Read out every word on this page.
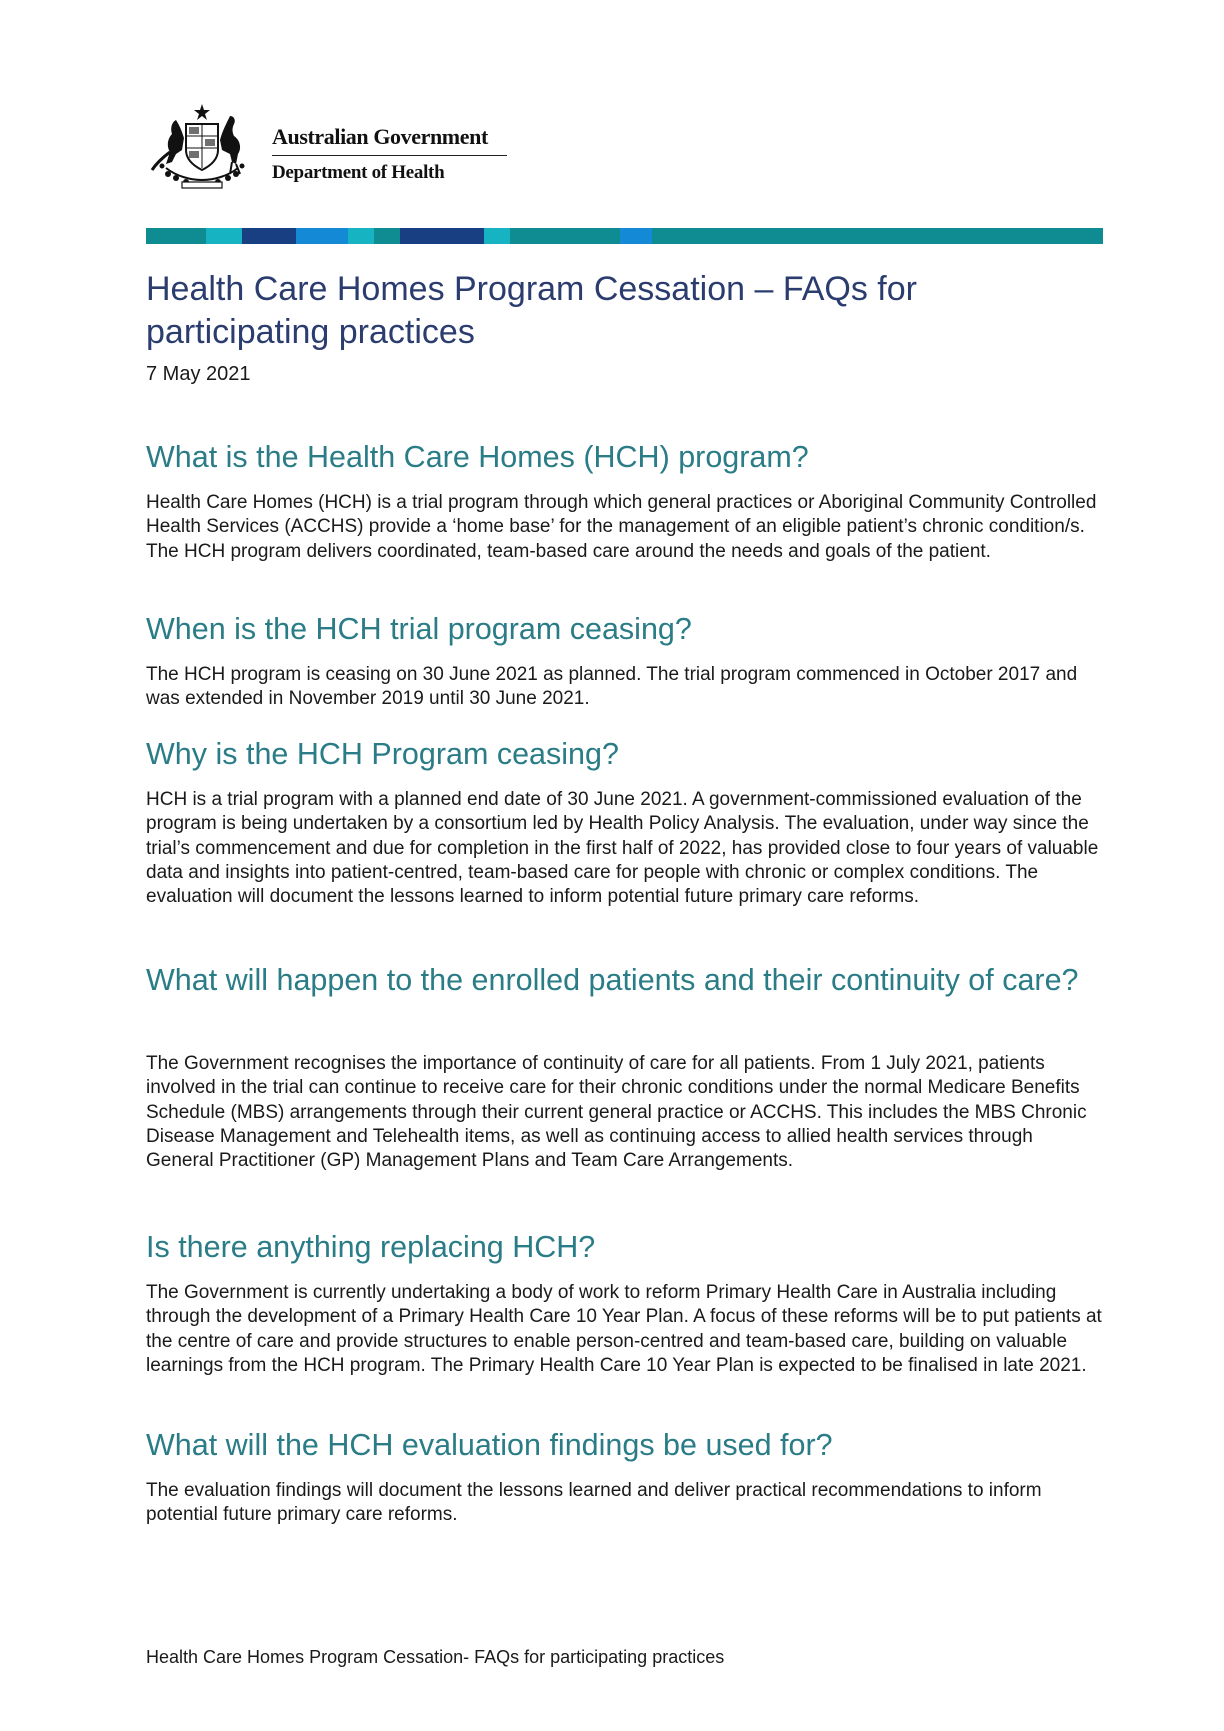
Australian Government
Department of Health
Health Care Homes Program Cessation – FAQs for participating practices
7 May 2021
What is the Health Care Homes (HCH) program?

Health Care Homes (HCH) is a trial program through which general practices or Aboriginal Community Controlled Health Services (ACCHS) provide a ‘home base’ for the management of an eligible patient’s chronic condition/s. The HCH program delivers coordinated, team-based care around the needs and goals of the patient.

When is the HCH trial program ceasing?

The HCH program is ceasing on 30 June 2021 as planned. The trial program commenced in October 2017 and was extended in November 2019 until 30 June 2021.

Why is the HCH Program ceasing?

HCH is a trial program with a planned end date of 30 June 2021. A government-commissioned evaluation of the program is being undertaken by a consortium led by Health Policy Analysis. The evaluation, under way since the trial’s commencement and due for completion in the first half of 2022, has provided close to four years of valuable data and insights into patient-centred, team-based care for people with chronic or complex conditions. The evaluation will document the lessons learned to inform potential future primary care reforms.

What will happen to the enrolled patients and their continuity of care?

The Government recognises the importance of continuity of care for all patients. From 1 July 2021, patients involved in the trial can continue to receive care for their chronic conditions under the normal Medicare Benefits Schedule (MBS) arrangements through their current general practice or ACCHS. This includes the MBS Chronic Disease Management and Telehealth items, as well as continuing access to allied health services through General Practitioner (GP) Management Plans and Team Care Arrangements.

Is there anything replacing HCH?

The Government is currently undertaking a body of work to reform Primary Health Care in Australia including through the development of a Primary Health Care 10 Year Plan. A focus of these reforms will be to put patients at the centre of care and provide structures to enable person-centred and team-based care, building on valuable learnings from the HCH program. The Primary Health Care 10 Year Plan is expected to be finalised in late 2021.

What will the HCH evaluation findings be used for?

The evaluation findings will document the lessons learned and deliver practical recommendations to inform potential future primary care reforms.

Health Care Homes Program Cessation- FAQs for participating practices
